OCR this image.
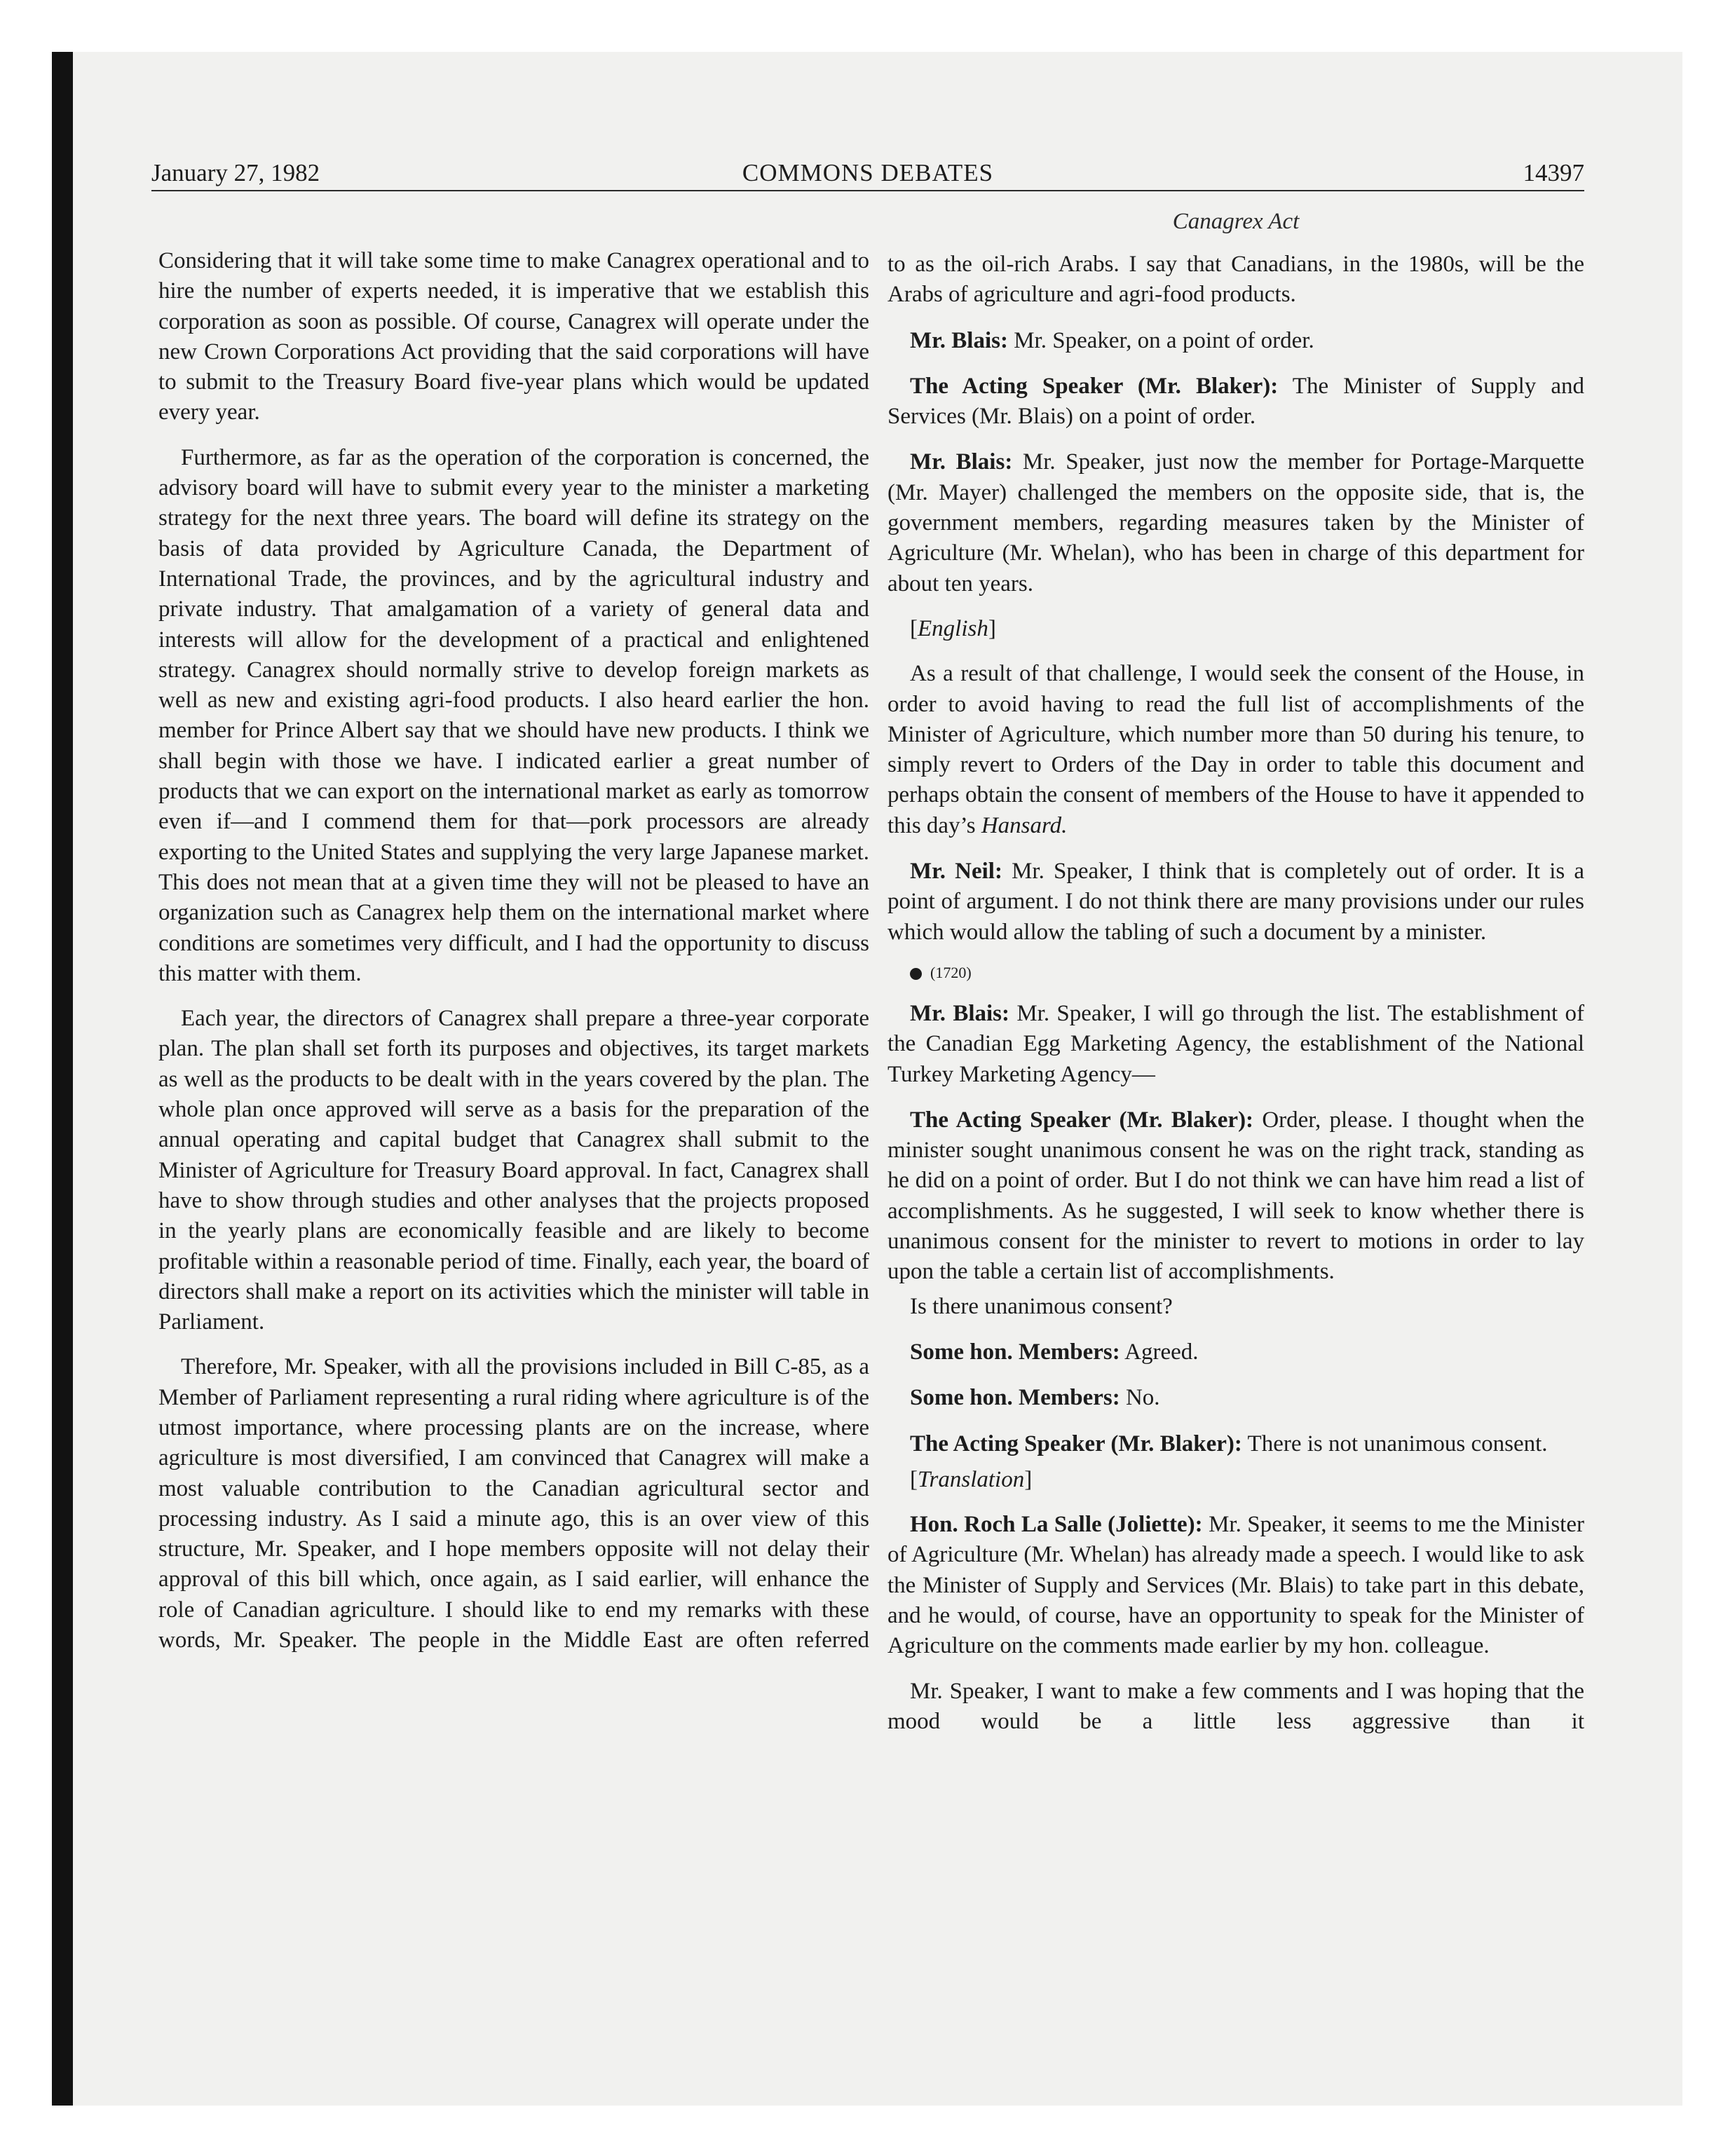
January 27, 1982	COMMONS DEBATES	14397
Canagrex Act

Considering that it will take some time to make Canagrex operational and to hire the number of experts needed, it is imperative that we establish this corporation as soon as possible. Of course, Canagrex will operate under the new Crown Corporations Act providing that the said corporations will have to submit to the Treasury Board five-year plans which would be updated every year.

Furthermore, as far as the operation of the corporation is concerned, the advisory board will have to submit every year to the minister a marketing strategy for the next three years. The board will define its strategy on the basis of data provided by Agriculture Canada, the Department of International Trade, the provinces, and by the agricultural industry and private industry. That amalgamation of a variety of general data and interests will allow for the development of a practical and enlightened strategy. Canagrex should normally strive to develop foreign markets as well as new and existing agri-food products. I also heard earlier the hon. member for Prince Albert say that we should have new products. I think we shall begin with those we have. I indicated earlier a great number of products that we can export on the international market as early as tomorrow even if—and I commend them for that—pork processors are already exporting to the United States and supplying the very large Japanese market. This does not mean that at a given time they will not be pleased to have an organization such as Canagrex help them on the international market where conditions are sometimes very difficult, and I had the opportunity to discuss this matter with them.

Each year, the directors of Canagrex shall prepare a three-year corporate plan. The plan shall set forth its purposes and objectives, its target markets as well as the products to be dealt with in the years covered by the plan. The whole plan once approved will serve as a basis for the preparation of the annual operating and capital budget that Canagrex shall submit to the Minister of Agriculture for Treasury Board approval. In fact, Canagrex shall have to show through studies and other analyses that the projects proposed in the yearly plans are economically feasible and are likely to become profitable within a reasonable period of time. Finally, each year, the board of directors shall make a report on its activities which the minister will table in Parliament.

Therefore, Mr. Speaker, with all the provisions included in Bill C-85, as a Member of Parliament representing a rural riding where agriculture is of the utmost importance, where processing plants are on the increase, where agriculture is most diversified, I am convinced that Canagrex will make a most valuable contribution to the Canadian agricultural sector and processing industry. As I said a minute ago, this is an over view of this structure, Mr. Speaker, and I hope members opposite will not delay their approval of this bill which, once again, as I said earlier, will enhance the role of Canadian agriculture. I should like to end my remarks with these words, Mr. Speaker. The people in the Middle East are often referred

to as the oil-rich Arabs. I say that Canadians, in the 1980s, will be the Arabs of agriculture and agri-food products.

Mr. Blais: Mr. Speaker, on a point of order.

The Acting Speaker (Mr. Blaker): The Minister of Supply and Services (Mr. Blais) on a point of order.

Mr. Blais: Mr. Speaker, just now the member for Portage-Marquette (Mr. Mayer) challenged the members on the opposite side, that is, the government members, regarding measures taken by the Minister of Agriculture (Mr. Whelan), who has been in charge of this department for about ten years.

[English]

As a result of that challenge, I would seek the consent of the House, in order to avoid having to read the full list of accomplishments of the Minister of Agriculture, which number more than 50 during his tenure, to simply revert to Orders of the Day in order to table this document and perhaps obtain the consent of members of the House to have it appended to this day’s Hansard.

Mr. Neil: Mr. Speaker, I think that is completely out of order. It is a point of argument. I do not think there are many provisions under our rules which would allow the tabling of such a document by a minister.

(1720)

Mr. Blais: Mr. Speaker, I will go through the list. The establishment of the Canadian Egg Marketing Agency, the establishment of the National Turkey Marketing Agency—

The Acting Speaker (Mr. Blaker): Order, please. I thought when the minister sought unanimous consent he was on the right track, standing as he did on a point of order. But I do not think we can have him read a list of accomplishments. As he suggested, I will seek to know whether there is unanimous consent for the minister to revert to motions in order to lay upon the table a certain list of accomplishments.

Is there unanimous consent?

Some hon. Members: Agreed.

Some hon. Members: No.

The Acting Speaker (Mr. Blaker): There is not unanimous consent.

[Translation]

Hon. Roch La Salle (Joliette): Mr. Speaker, it seems to me the Minister of Agriculture (Mr. Whelan) has already made a speech. I would like to ask the Minister of Supply and Services (Mr. Blais) to take part in this debate, and he would, of course, have an opportunity to speak for the Minister of Agriculture on the comments made earlier by my hon. colleague.

Mr. Speaker, I want to make a few comments and I was hoping that the mood would be a little less aggressive than it
